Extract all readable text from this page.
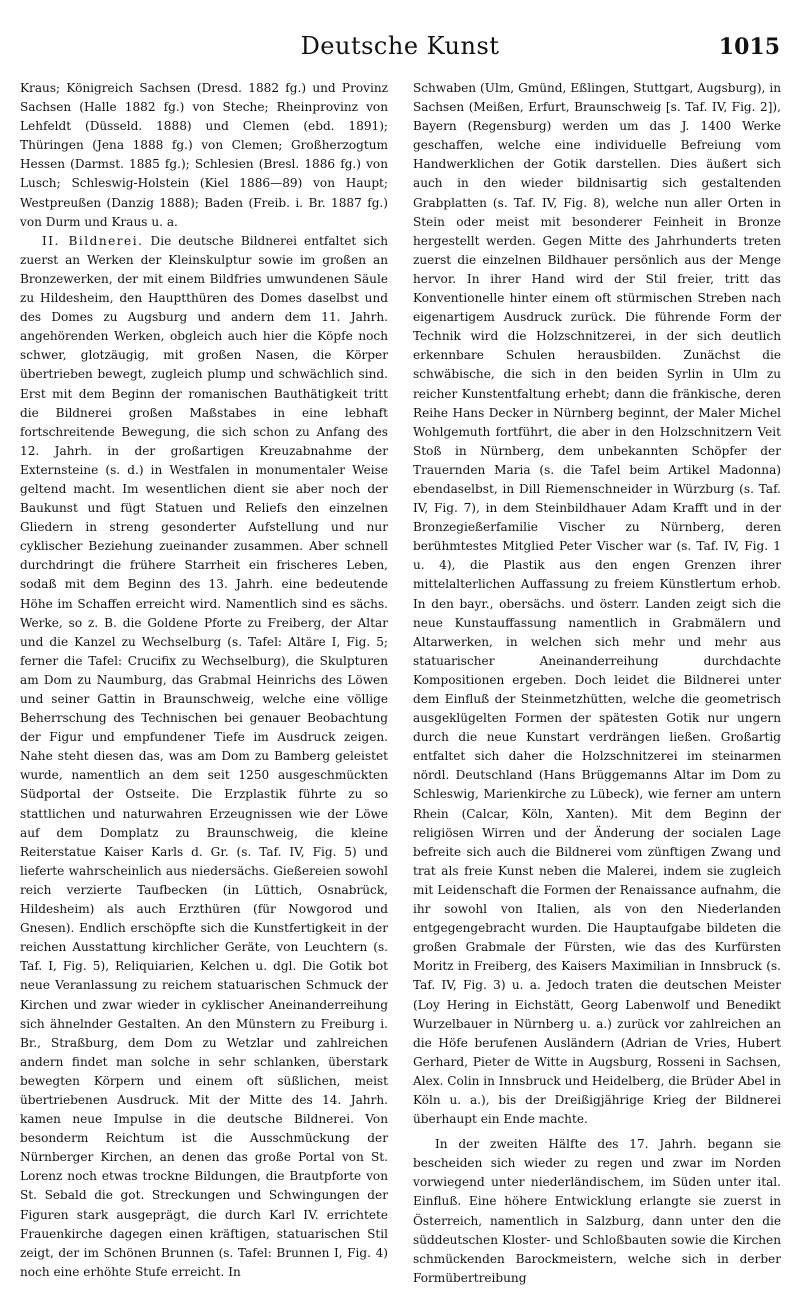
Deutsche Kunst	1015

Kraus; Königreich Sachsen (Dresd. 1882 fg.) und Provinz Sachsen (Halle 1882 fg.) von Steche; Rheinprovinz von Lehfeldt (Düsseld. 1888) und Clemen (ebd. 1891); Thüringen (Jena 1888 fg.) von Clemen; Großherzogtum Hessen (Darmst. 1885 fg.); Schlesien (Bresl. 1886 fg.) von Lusch; Schleswig-Holstein (Kiel 1886—89) von Haupt; Westpreußen (Danzig 1888); Baden (Freib. i. Br. 1887 fg.) von Durm und Kraus u. a.

II. Bildnerei. Die deutsche Bildnerei entfaltet sich zuerst an Werken der Kleinskulptur sowie im großen an Bronzewerken, der mit einem Bildfries umwundenen Säule zu Hildesheim, den Hauptthüren des Domes daselbst und des Domes zu Augsburg und andern dem 11. Jahrh. angehörenden Werken, obgleich auch hier die Köpfe noch schwer, glotzäugig, mit großen Nasen, die Körper übertrieben bewegt, zugleich plump und schwächlich sind. Erst mit dem Beginn der romanischen Bauthätigkeit tritt die Bildnerei großen Maßstabes in eine lebhaft fortschreitende Bewegung, die sich schon zu Anfang des 12. Jahrh. in der großartigen Kreuzabnahme der Externsteine (s. d.) in Westfalen in monumentaler Weise geltend macht. Im wesentlichen dient sie aber noch der Baukunst und fügt Statuen und Reliefs den einzelnen Gliedern in streng gesonderter Aufstellung und nur cyklischer Beziehung zueinander zusammen. Aber schnell durchdringt die frühere Starrheit ein frischeres Leben, sodaß mit dem Beginn des 13. Jahrh. eine bedeutende Höhe im Schaffen erreicht wird. Namentlich sind es sächs. Werke, so z. B. die Goldene Pforte zu Freiberg, der Altar und die Kanzel zu Wechselburg (s. Tafel: Altäre I, Fig. 5; ferner die Tafel: Crucifix zu Wechselburg), die Skulpturen am Dom zu Naumburg, das Grabmal Heinrichs des Löwen und seiner Gattin in Braunschweig, welche eine völlige Beherrschung des Technischen bei genauer Beobachtung der Figur und empfundener Tiefe im Ausdruck zeigen. Nahe steht diesen das, was am Dom zu Bamberg geleistet wurde, namentlich an dem seit 1250 ausgeschmückten Südportal der Ostseite. Die Erzplastik führte zu so stattlichen und naturwahren Erzeugnissen wie der Löwe auf dem Domplatz zu Braunschweig, die kleine Reiterstatue Kaiser Karls d. Gr. (s. Taf. IV, Fig. 5) und lieferte wahrscheinlich aus niedersächs. Gießereien sowohl reich verzierte Taufbecken (in Lüttich, Osnabrück, Hildesheim) als auch Erzthüren (für Nowgorod und Gnesen). Endlich erschöpfte sich die Kunstfertigkeit in der reichen Ausstattung kirchlicher Geräte, von Leuchtern (s. Taf. I, Fig. 5), Reliquiarien, Kelchen u. dgl. Die Gotik bot neue Veranlassung zu reichem statuarischen Schmuck der Kirchen und zwar wieder in cyklischer Aneinanderreihung sich ähnelnder Gestalten. An den Münstern zu Freiburg i. Br., Straßburg, dem Dom zu Wetzlar und zahlreichen andern findet man solche in sehr schlanken, überstark bewegten Körpern und einem oft süßlichen, meist übertriebenen Ausdruck. Mit der Mitte des 14. Jahrh. kamen neue Impulse in die deutsche Bildnerei. Von besonderm Reichtum ist die Ausschmückung der Nürnberger Kirchen, an denen das große Portal von St. Lorenz noch etwas trockne Bildungen, die Brautpforte von St. Sebald die got. Streckungen und Schwingungen der Figuren stark ausgeprägt, die durch Karl IV. errichtete Frauenkirche dagegen einen kräftigen, statuarischen Stil zeigt, der im Schönen Brunnen (s. Tafel: Brunnen I, Fig. 4) noch eine erhöhte Stufe erreicht. In

Schwaben (Ulm, Gmünd, Eßlingen, Stuttgart, Augsburg), in Sachsen (Meißen, Erfurt, Braunschweig [s. Taf. IV, Fig. 2]), Bayern (Regensburg) werden um das J. 1400 Werke geschaffen, welche eine individuelle Befreiung vom Handwerklichen der Gotik darstellen. Dies äußert sich auch in den wieder bildnisartig sich gestaltenden Grabplatten (s. Taf. IV, Fig. 8), welche nun aller Orten in Stein oder meist mit besonderer Feinheit in Bronze hergestellt werden. Gegen Mitte des Jahrhunderts treten zuerst die einzelnen Bildhauer persönlich aus der Menge hervor. In ihrer Hand wird der Stil freier, tritt das Konventionelle hinter einem oft stürmischen Streben nach eigenartigem Ausdruck zurück. Die führende Form der Technik wird die Holzschnitzerei, in der sich deutlich erkennbare Schulen herausbilden. Zunächst die schwäbische, die sich in den beiden Syrlin in Ulm zu reicher Kunstentfaltung erhebt; dann die fränkische, deren Reihe Hans Decker in Nürnberg beginnt, der Maler Michel Wohlgemuth fortführt, die aber in den Holzschnitzern Veit Stoß in Nürnberg, dem unbekannten Schöpfer der Trauernden Maria (s. die Tafel beim Artikel Madonna) ebendaselbst, in Dill Riemenschneider in Würzburg (s. Taf. IV, Fig. 7), in dem Steinbildhauer Adam Krafft und in der Bronzegießerfamilie Vischer zu Nürnberg, deren berühmtestes Mitglied Peter Vischer war (s. Taf. IV, Fig. 1 u. 4), die Plastik aus den engen Grenzen ihrer mittelalterlichen Auffassung zu freiem Künstlertum erhob. In den bayr., obersächs. und österr. Landen zeigt sich die neue Kunstauffassung namentlich in Grabmälern und Altarwerken, in welchen sich mehr und mehr aus statuarischer Aneinanderreihung durchdachte Kompositionen ergeben. Doch leidet die Bildnerei unter dem Einfluß der Steinmetzhütten, welche die geometrisch ausgeklügelten Formen der spätesten Gotik nur ungern durch die neue Kunstart verdrängen ließen. Großartig entfaltet sich daher die Holzschnitzerei im steinarmen nördl. Deutschland (Hans Brüggemanns Altar im Dom zu Schleswig, Marienkirche zu Lübeck), wie ferner am untern Rhein (Calcar, Köln, Xanten). Mit dem Beginn der religiösen Wirren und der Änderung der socialen Lage befreite sich auch die Bildnerei vom zünftigen Zwang und trat als freie Kunst neben die Malerei, indem sie zugleich mit Leidenschaft die Formen der Renaissance aufnahm, die ihr sowohl von Italien, als von den Niederlanden entgegengebracht wurden. Die Hauptaufgabe bildeten die großen Grabmale der Fürsten, wie das des Kurfürsten Moritz in Freiberg, des Kaisers Maximilian in Innsbruck (s. Taf. IV, Fig. 3) u. a. Jedoch traten die deutschen Meister (Loy Hering in Eichstätt, Georg Labenwolf und Benedikt Wurzelbauer in Nürnberg u. a.) zurück vor zahlreichen an die Höfe berufenen Ausländern (Adrian de Vries, Hubert Gerhard, Pieter de Witte in Augsburg, Rosseni in Sachsen, Alex. Colin in Innsbruck und Heidelberg, die Brüder Abel in Köln u. a.), bis der Dreißigjährige Krieg der Bildnerei überhaupt ein Ende machte.

In der zweiten Hälfte des 17. Jahrh. begann sie bescheiden sich wieder zu regen und zwar im Norden vorwiegend unter niederländischem, im Süden unter ital. Einfluß. Eine höhere Entwicklung erlangte sie zuerst in Österreich, namentlich in Salzburg, dann unter den die süddeutschen Kloster- und Schloßbauten sowie die Kirchen schmückenden Barockmeistern, welche sich in derber Formübertreibung
